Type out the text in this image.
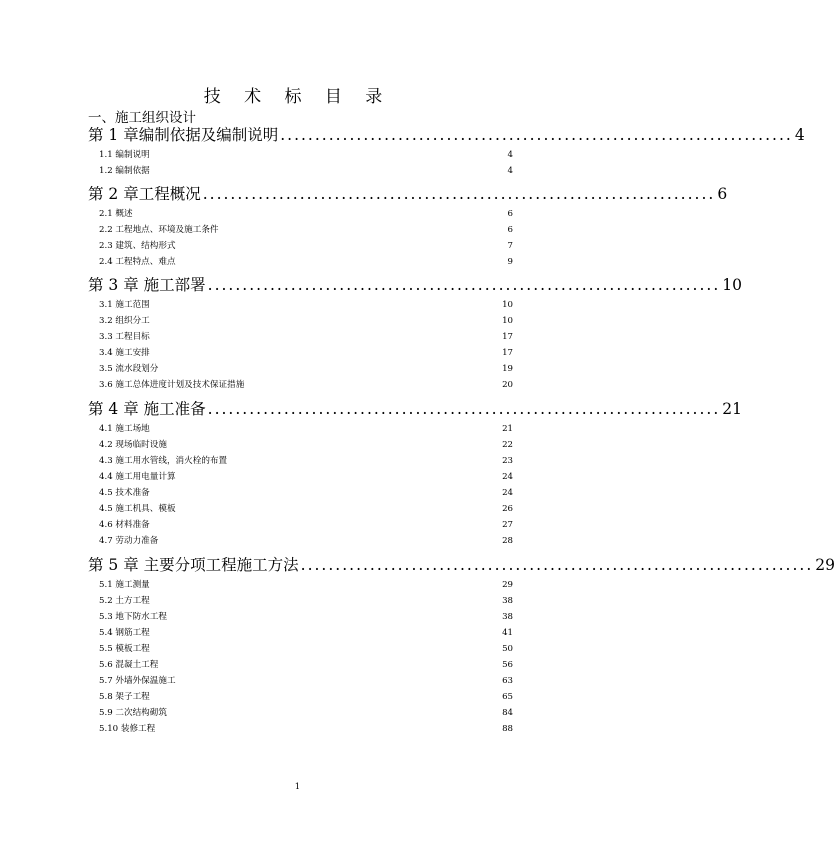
技 术 标 目 录
一、施工组织设计
第 1 章编制依据及编制说明 .......................................................................... 4
1.1 编制说明	4
1.2 编制依据	4
第 2 章工程概况 .......................................................................... 6
2.1 概述	6
2.2 工程地点、环境及施工条件	6
2.3 建筑、结构形式	7
2.4 工程特点、难点	9
第 3 章 施工部署 .......................................................................... 10
3.1 施工范围	10
3.2 组织分工	10
3.3 工程目标	17
3.4 施工安排	17
3.5 流水段划分	19
3.6 施工总体进度计划及技术保证措施	20
第 4 章 施工准备 .......................................................................... 21
4.1 施工场地	21
4.2 现场临时设施	22
4.3 施工用水管线，消火栓的布置	23
4.4 施工用电量计算	24
4.5 技术准备	24
4.5 施工机具、模板	26
4.6 材料准备	27
4.7 劳动力准备	28
第 5 章 主要分项工程施工方法 .......................................................................... 29
5.1 施工测量	29
5.2 土方工程	38
5.3 地下防水工程	38
5.4 钢筋工程	41
5.5 模板工程	50
5.6 混凝土工程	56
5.7 外墙外保温施工	63
5.8 架子工程	65
5.9 二次结构砌筑	84
5.10 装修工程	88
1
